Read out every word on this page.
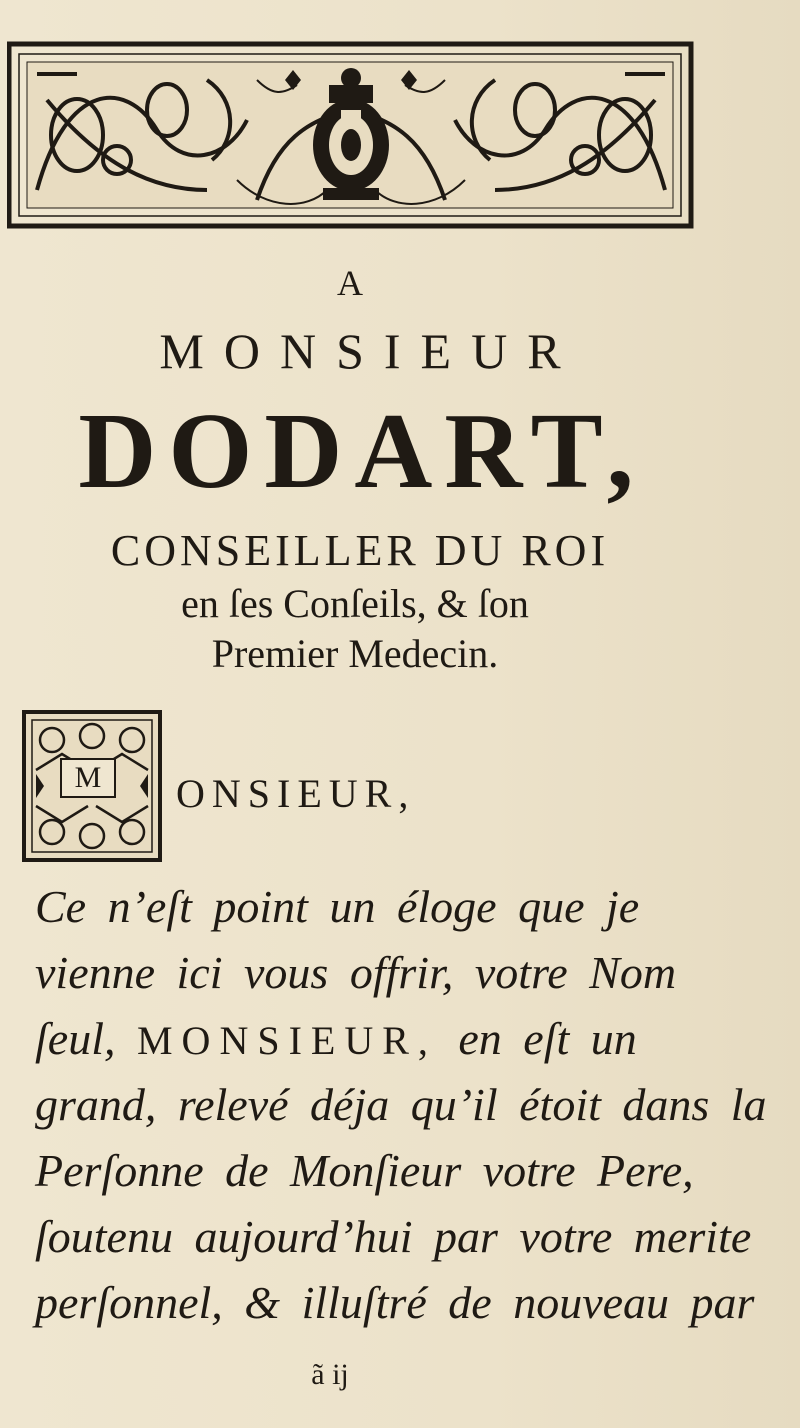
A
MONSIEUR
DODART,
CONSEILLER DU ROI
en ſes Conſeils, & ſon
Premier Medecin.
M	ONSIEUR,
Ce n’eſt point un éloge que je
vienne ici vous offrir, votre Nom
ſeul, MONSIEUR, en eſt un
grand, relevé déja qu’il étoit dans la
Perſonne de Monſieur votre Pere,
ſoutenu aujourd’hui par votre merite
perſonnel, & illuſtré de nouveau par
ã ij
